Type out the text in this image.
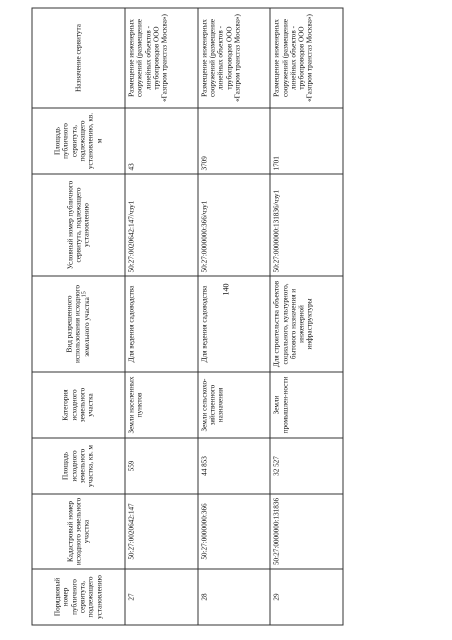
140
Порядковый номер публичного сервитута, подлежащего установлению	Кадастровый номер исходного земельного участка	Площадь исходного земельного участка, кв. м	Категория исходного земельного участка	Вид разрешенного использования исходного земельного участка$^{15}$	Условный номер публичного сервитута, подлежащего установлению	Площадь публичного сервитута, подлежащего установлению, кв. м	Назначение сервитута
27	50:27:0020642:147	559	Земли населенных пунктов	Для ведения садоводства	50:27:0020642:147/чзу1	43	Размещение инженерных сооружений (размещение линейных объектов - трубопроводов ООО «Газпром трансгаз Москва»)
28	50:27:0000000:366	44 853	Земли сельскохо-зяйственного назначения	Для ведения садоводства	50:27:0000000:366/чзу1	3709	Размещение инженерных сооружений (размещение линейных объектов - трубопроводов ООО «Газпром трансгаз Москва»)
29	50:27:0000000:131836	32 527	Земли промышлен-ности	Для строительства объектов социального, культурного, бытового назначения и инженерной инфраструктуры	50:27:0000000:131836/чзу1	1701	Размещение инженерных сооружений (размещение линейных объектов - трубопроводов ООО «Газпром трансгаз Москва»)
